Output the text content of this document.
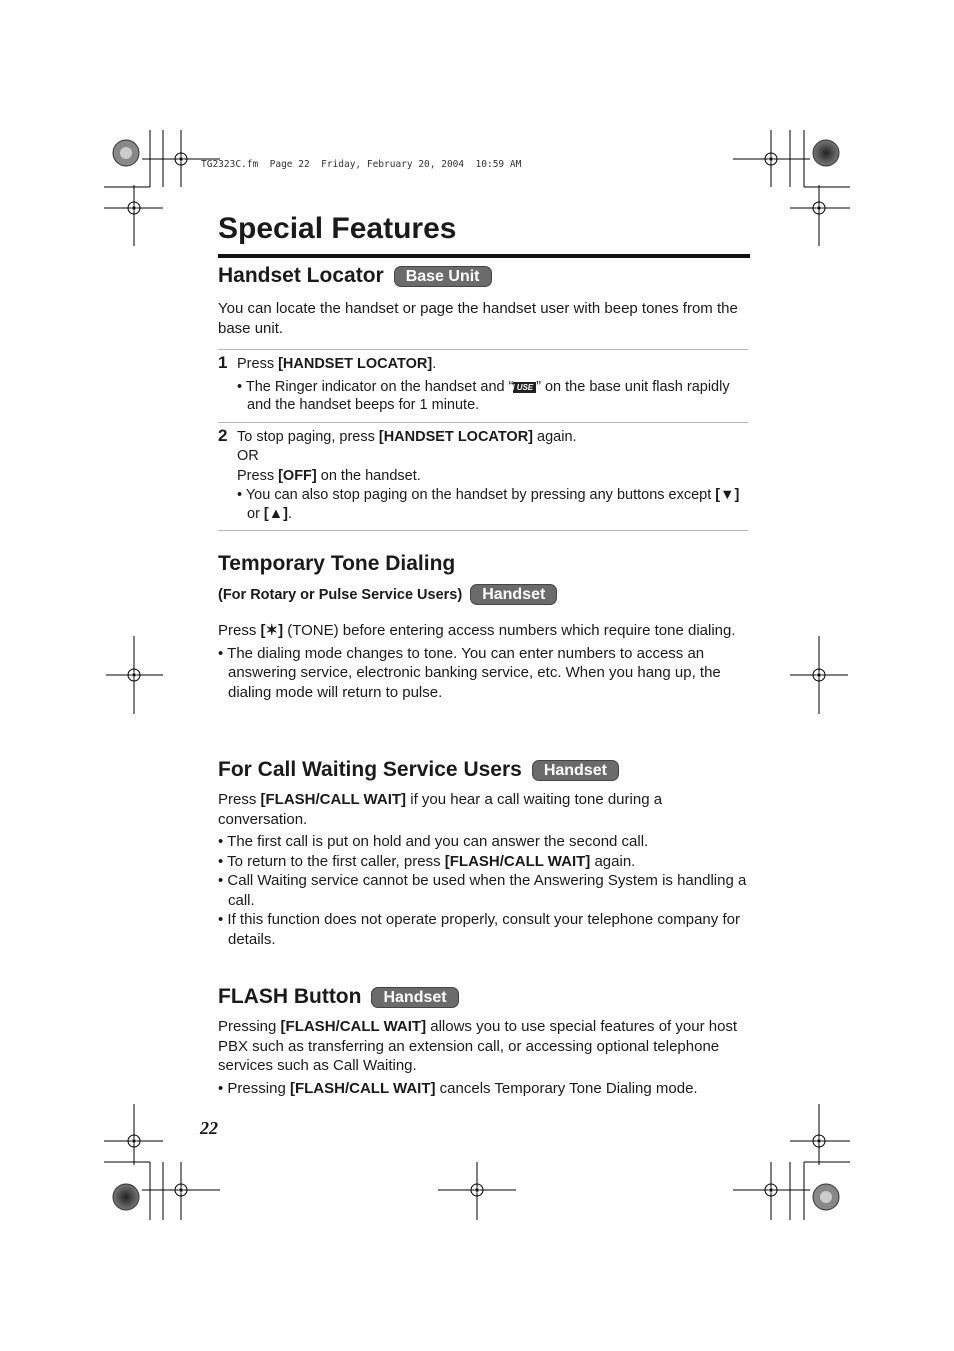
TG2323C.fm  Page 22  Friday, February 20, 2004  10:59 AM
Special Features
Handset Locator	Base Unit

You can locate the handset or page the handset user with beep tones from the base unit.

1 Press [HANDSET LOCATOR].

• The Ringer indicator on the handset and “IN USE ” on the base unit flash rapidly and the handset beeps for 1 minute.

2 To stop paging, press [HANDSET LOCATOR] again.

OR

Press [OFF] on the handset.

• You can also stop paging on the handset by pressing any buttons except [▼] or [▲].

Temporary Tone Dialing
(For Rotary or Pulse Service Users)	Handset

Press [✶] (TONE) before entering access numbers which require tone dialing.

• The dialing mode changes to tone. You can enter numbers to access an answering service, electronic banking service, etc. When you hang up, the dialing mode will return to pulse.

For Call Waiting Service Users	Handset

Press [FLASH/CALL WAIT] if you hear a call waiting tone during a conversation.

• The first call is put on hold and you can answer the second call.

• To return to the first caller, press [FLASH/CALL WAIT] again.

• Call Waiting service cannot be used when the Answering System is handling a call.

• If this function does not operate properly, consult your telephone company for details.

FLASH Button	Handset

Pressing [FLASH/CALL WAIT] allows you to use special features of your host PBX such as transferring an extension call, or accessing optional telephone services such as Call Waiting.

• Pressing [FLASH/CALL WAIT] cancels Temporary Tone Dialing mode.

22
